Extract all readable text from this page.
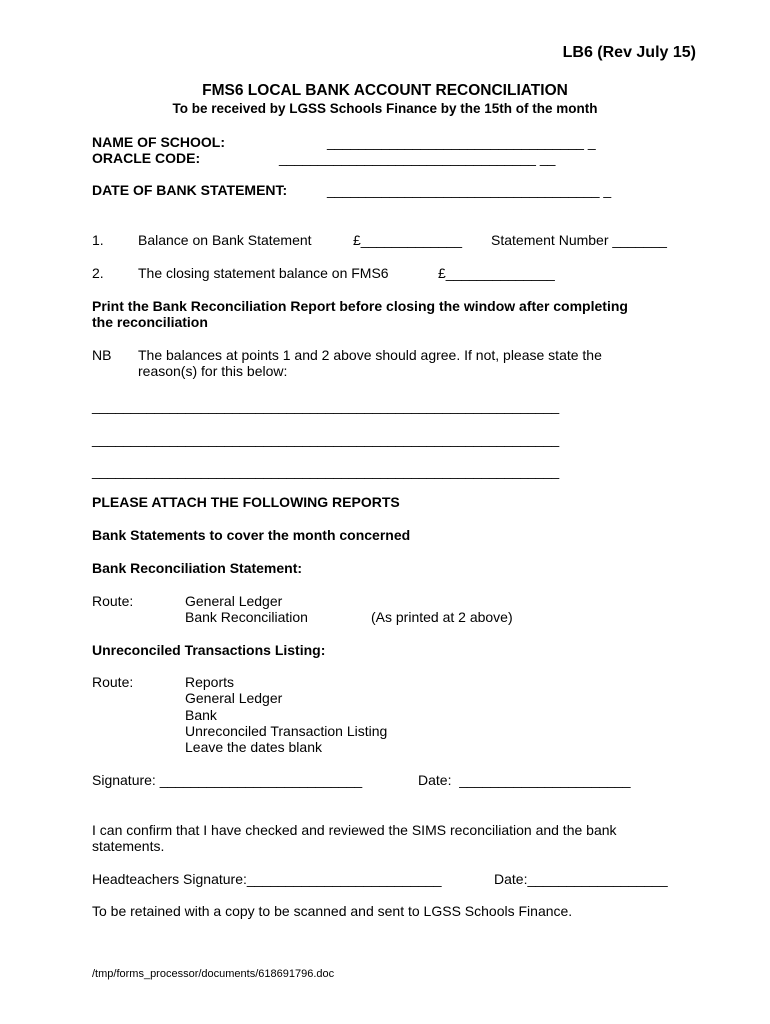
LB6 (Rev July 15)
FMS6 LOCAL BANK ACCOUNT RECONCILIATION
To be received by LGSS Schools Finance by the 15th of the month
NAME OF SCHOOL:	_________________________________ _
ORACLE CODE:	_________________________________ __
DATE OF BANK STATEMENT:	___________________________________ _
1. Balance on Bank Statement	£_____________ Statement Number _______
2. The closing statement balance on FMS6	£______________
Print the Bank Reconciliation Report before closing the window after completing
the reconciliation
NB The balances at points 1 and 2 above should agree. If not, please state the
reason(s) for this below:
____________________________________________________________
____________________________________________________________
____________________________________________________________
PLEASE ATTACH THE FOLLOWING REPORTS
Bank Statements to cover the month concerned
Bank Reconciliation Statement:
Route:	General Ledger
Bank Reconciliation	(As printed at 2 above)
Unreconciled Transactions Listing:
Route:	Reports
General Ledger
Bank
Unreconciled Transaction Listing
Leave the dates blank
Signature: __________________________	Date:  ______________________
I can confirm that I have checked and reviewed the SIMS reconciliation and the bank
statements.
Headteachers Signature:_________________________	Date:__________________
To be retained with a copy to be scanned and sent to LGSS Schools Finance.
/tmp/forms_processor/documents/618691796.doc
